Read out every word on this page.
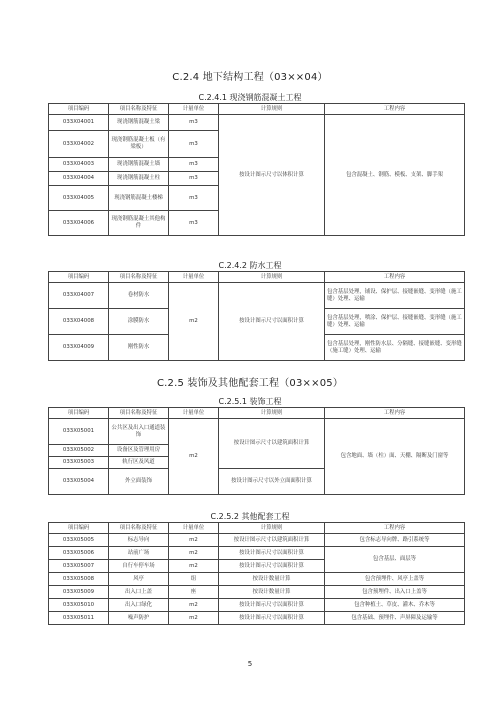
C.2.4 地下结构工程（03××04）
C.2.4.1 现浇钢筋混凝土工程
项目编码	项目名称及特征	计量单位	计算规则	工程内容
033X04001	现浇钢筋混凝土梁	m3	按设计图示尺寸以体积计算	包含混凝土、钢筋、模板、支架、脚手架
033X04002	现浇钢筋混凝土板（有梁板）	m3		
033X04003	现浇钢筋混凝土墙	m3		
033X04004	现浇钢筋混凝土柱	m3		
033X04005	现浇钢筋混凝土楼梯	m3		
033X04006	现浇钢筋混凝土其他构件	m3		
C.2.4.2 防水工程
项目编码	项目名称及特征	计量单位	计算规则	工程内容
033X04007	卷材防水	m2	按设计图示尺寸以面积计算	包含基层处理，铺设、保护层、接缝嵌缝、变形缝（施工缝）处理、运输
033X04008	涂膜防水			包含基层处理，喷涂、保护层、接缝嵌缝、变形缝（施工缝）处理、运输
033X04009	刚性防水			包含基层处理，刚性防水层、分隔缝、接缝嵌缝、变形缝（施工缝）处理、运输
C.2.5 装饰及其他配套工程（03××05）
C.2.5.1 装饰工程
项目编码	项目名称及特征	计量单位	计算规则	工程内容
033X05001	公共区及出入口通道装饰	m2	按设计图示尺寸以建筑面积计算	包含地面、墙（柱）面、天棚、隔断及门窗等
033X05002	设备区及管理用房			
033X05003	轨行区及风道			
033X05004	外立面装饰		按设计图示尺寸以外立面面积计算	
C.2.5.2 其他配套工程
项目编码	项目名称及特征	计量单位	计算规则	工程内容
033X05005	标志导向	m2	按设计图示尺寸以建筑面积计算	包含标志导向牌、路引系统等
033X05006	站前广场	m2	按设计图示尺寸以面积计算	包含基层、面层等
033X05007	自行车停车场	m2	按设计图示尺寸以面积计算	
033X05008	风亭	组	按设计数量计算	包含预埋件、风亭上盖等
033X05009	出入口上盖	座	按设计数量计算	包含预埋件、出入口上盖等
033X05010	出入口绿化	m2	按设计图示尺寸以面积计算	包含种植土、草皮、灌木、乔木等
033X05011	噪声防护	m2	按设计图示尺寸以面积计算	包含基础、预埋件、声屏障及运输等
5
